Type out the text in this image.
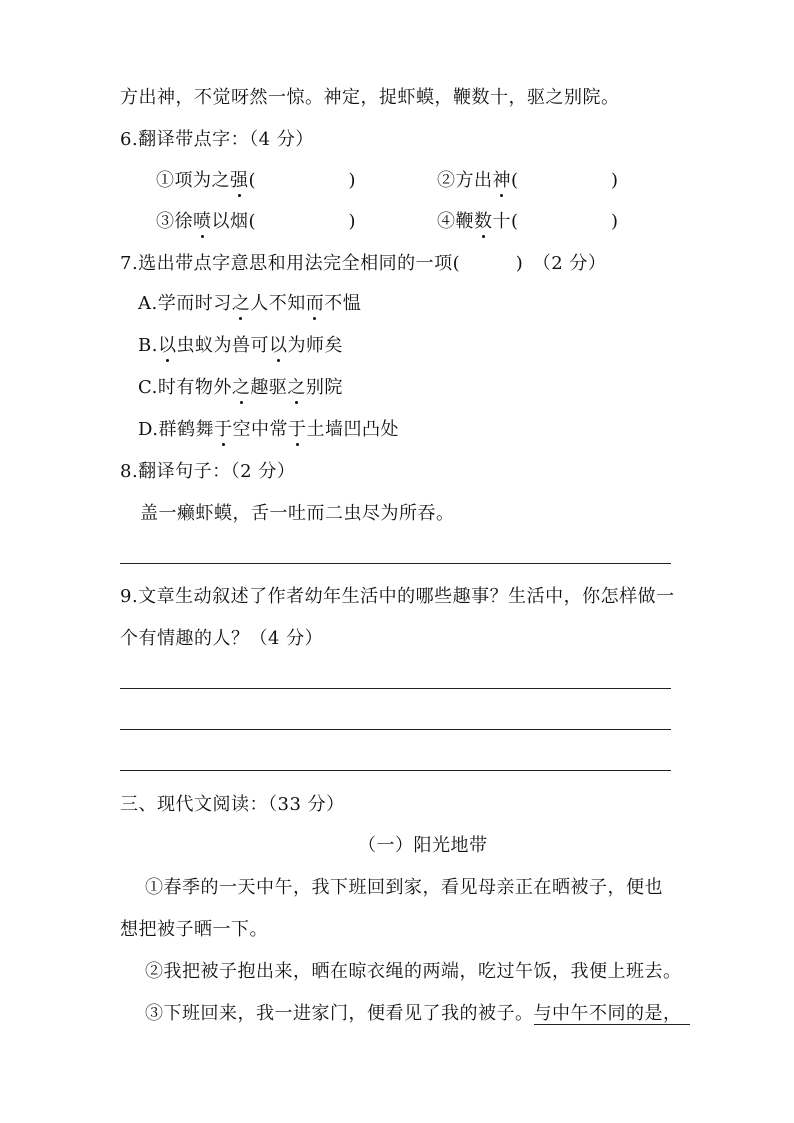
方出神，不觉呀然一惊。神定，捉虾蟆，鞭数十，驱之别院。
6.翻译带点字：（4 分）
①项为之强(　　　　　)	②方出神(　　　　　)
③徐喷以烟(　　　　　)	④鞭数十(　　　　　)
7.选出带点字意思和用法完全相同的一项(　　　)　（2 分）
A.学而时习之人不知而不愠
B.以虫蚁为兽可以为师矣
C.时有物外之趣驱之别院
D.群鹤舞于空中常于土墙凹凸处
8.翻译句子：（2 分）
盖一癞虾蟆，舌一吐而二虫尽为所吞。
9.文章生动叙述了作者幼年生活中的哪些趣事？生活中，你怎样做一
个有情趣的人？（4 分）
三、现代文阅读：（33 分）
（一）阳光地带
①春季的一天中午，我下班回到家，看见母亲正在晒被子，便也
想把被子晒一下。
②我把被子抱出来，晒在晾衣绳的两端，吃过午饭，我便上班去。
③下班回来，我一进家门，便看见了我的被子。与中午不同的是，
